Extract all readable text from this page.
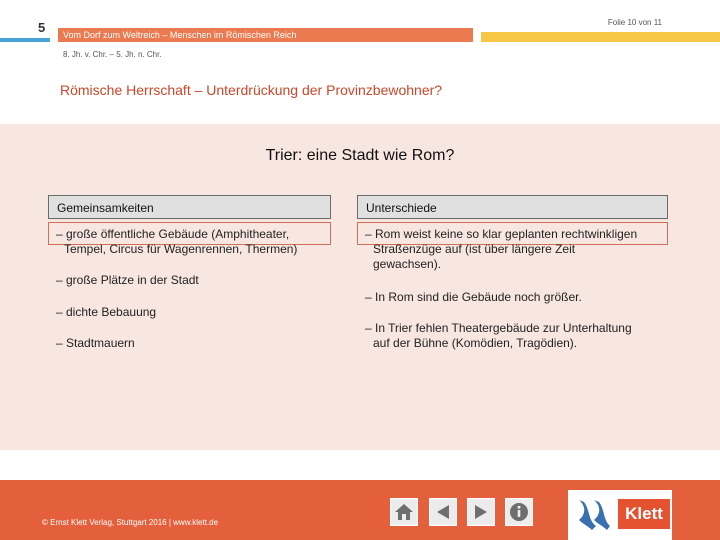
5 Vom Dorf zum Weltreich – Menschen im Römischen Reich
Folie 10 von 11
8. Jh. v. Chr. – 5. Jh. n. Chr.
Römische Herrschaft – Unterdrückung der Provinzbewohner?
Trier: eine Stadt wie Rom?
Gemeinsamkeiten	Unterschiede
– große öffentliche Gebäude (Amphitheater,
Tempel, Circus für Wagenrennen, Thermen)
– große Plätze in der Stadt
– dichte Bebauung
– Stadtmauern
– Rom weist keine so klar geplanten rechtwinkligen
Straßenzüge auf (ist über längere Zeit
gewachsen).
– In Rom sind die Gebäude noch größer.
– In Trier fehlen Theatergebäude zur Unterhaltung
auf der Bühne (Komödien, Tragödien).
© Ernst Klett Verlag, Stuttgart 2016 | www.klett.de	Klett
